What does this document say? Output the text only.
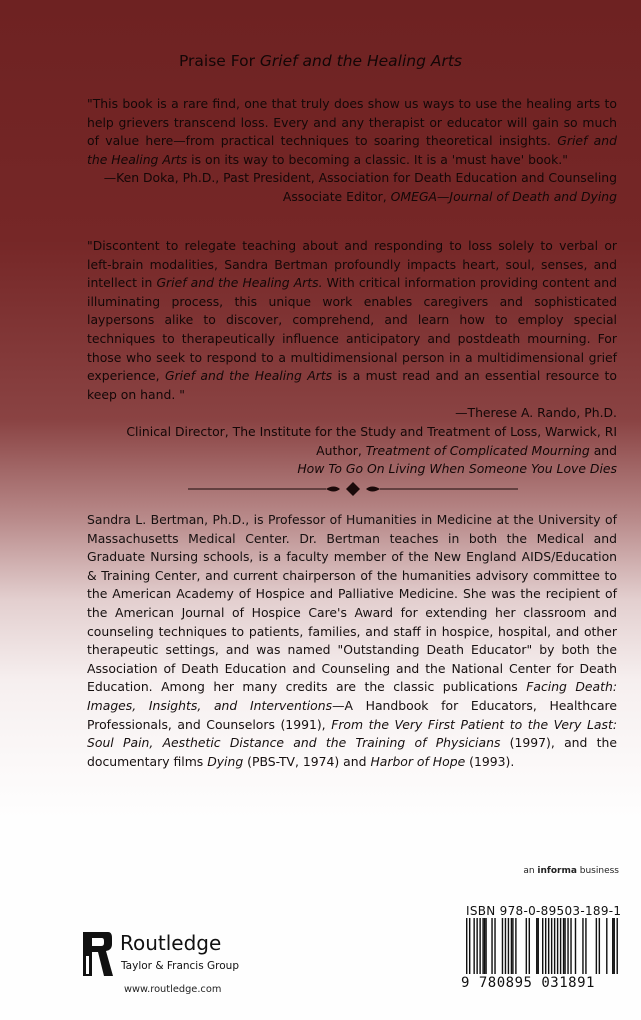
Praise For Grief and the Healing Arts
"This book is a rare find, one that truly does show us ways to use the healing arts to help grievers transcend loss. Every and any therapist or educator will gain so much of value here—from practical techniques to soaring theoretical insights. Grief and the Healing Arts is on its way to becoming a classic. It is a 'must have' book."
—Ken Doka, Ph.D., Past President, Association for Death Education and Counseling
Associate Editor, OMEGA—Journal of Death and Dying
"Discontent to relegate teaching about and responding to loss solely to verbal or left-brain modalities, Sandra Bertman profoundly impacts heart, soul, senses, and intellect in Grief and the Healing Arts. With critical information providing content and illuminating process, this unique work enables caregivers and sophisticated laypersons alike to discover, comprehend, and learn how to employ special techniques to therapeutically influence anticipatory and postdeath mourning. For those who seek to respond to a multidimensional person in a multidimensional grief experience, Grief and the Healing Arts is a must read and an essential resource to keep on hand. "
—Therese A. Rando, Ph.D.
Clinical Director, The Institute for the Study and Treatment of Loss, Warwick, RI
Author, Treatment of Complicated Mourning and
How To Go On Living When Someone You Love Dies
Sandra L. Bertman, Ph.D., is Professor of Humanities in Medicine at the University of Massachusetts Medical Center. Dr. Bertman teaches in both the Medical and Graduate Nursing schools, is a faculty member of the New England AIDS/Education & Training Center, and current chairperson of the humanities advisory committee to the American Academy of Hospice and Palliative Medicine. She was the recipient of the American Journal of Hospice Care's Award for extending her classroom and counseling techniques to patients, families, and staff in hospice, hospital, and other therapeutic settings, and was named "Outstanding Death Educator" by both the Association of Death Education and Counseling and the National Center for Death Education. Among her many credits are the classic publications Facing Death: Images, Insights, and Interventions—A Handbook for Educators, Healthcare Professionals, and Counselors (1991), From the Very First Patient to the Very Last: Soul Pain, Aesthetic Distance and the Training of Physicians (1997), and the documentary films Dying (PBS-TV, 1974) and Harbor of Hope (1993).
an informa business
ISBN 978-0-89503-189-1
9 780895 031891
Routledge
Taylor & Francis Group
www.routledge.com
